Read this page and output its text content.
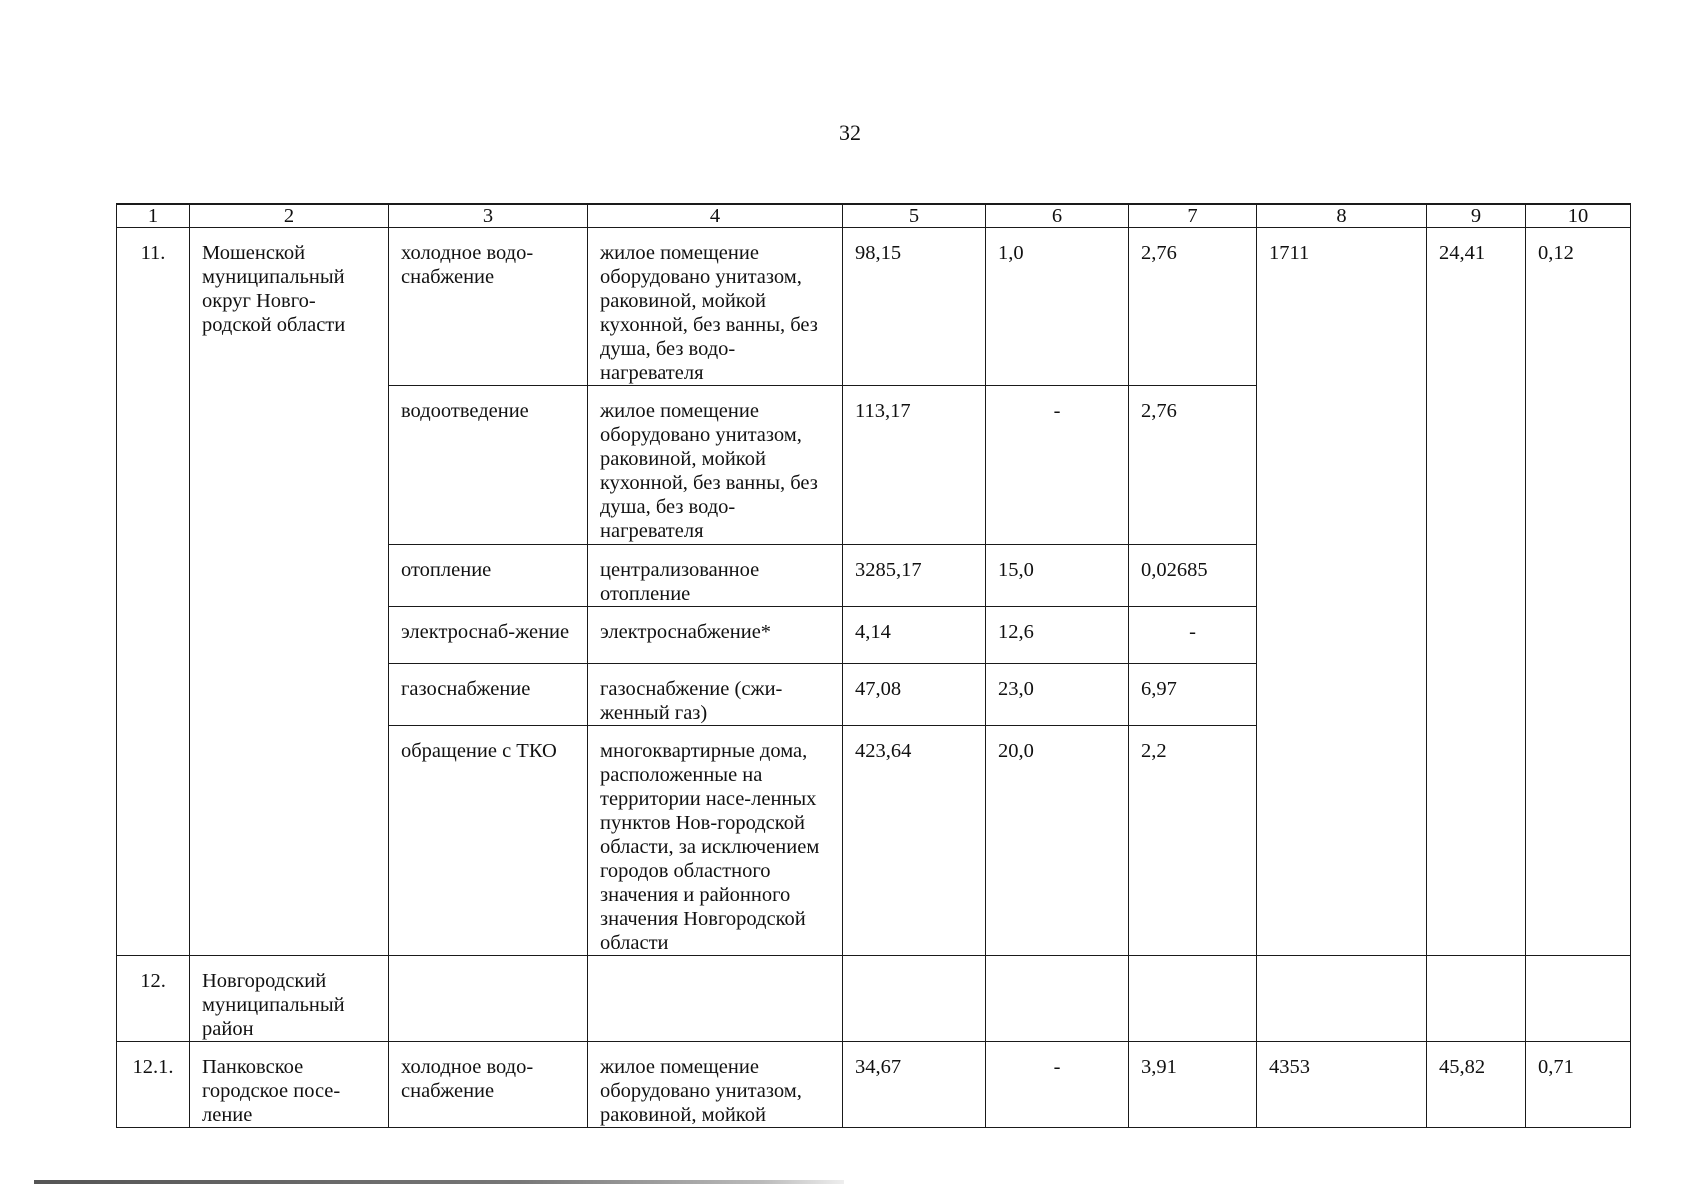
32
1	2	3	4	5	6	7	8	9	10
11.	Мошенской муниципальный округ Новго-родской области	холодное водо-снабжение	жилое помещение оборудовано унитазом, раковиной, мойкой кухонной, без ванны, без душа, без водо-нагревателя	98,15	1,0	2,76	1711	24,41	0,12
		водоотведение	жилое помещение оборудовано унитазом, раковиной, мойкой кухонной, без ванны, без душа, без водо-нагревателя	113,17	-	2,76			
		отопление	централизованное отопление	3285,17	15,0	0,02685			
		электроснаб-жение	электроснабжение*	4,14	12,6	-			
		газоснабжение	газоснабжение (сжи-женный газ)	47,08	23,0	6,97			
		обращение с ТКО	многоквартирные дома, расположенные на территории насе-ленных пунктов Нов-городской области, за исключением городов областного значения и районного значения Новгородской области	423,64	20,0	2,2			
12.	Новгородский муниципальный район								
12.1.	Панковское городское посе-ление	холодное водо-снабжение	жилое помещение оборудовано унитазом, раковиной, мойкой	34,67	-	3,91	4353	45,82	0,71
